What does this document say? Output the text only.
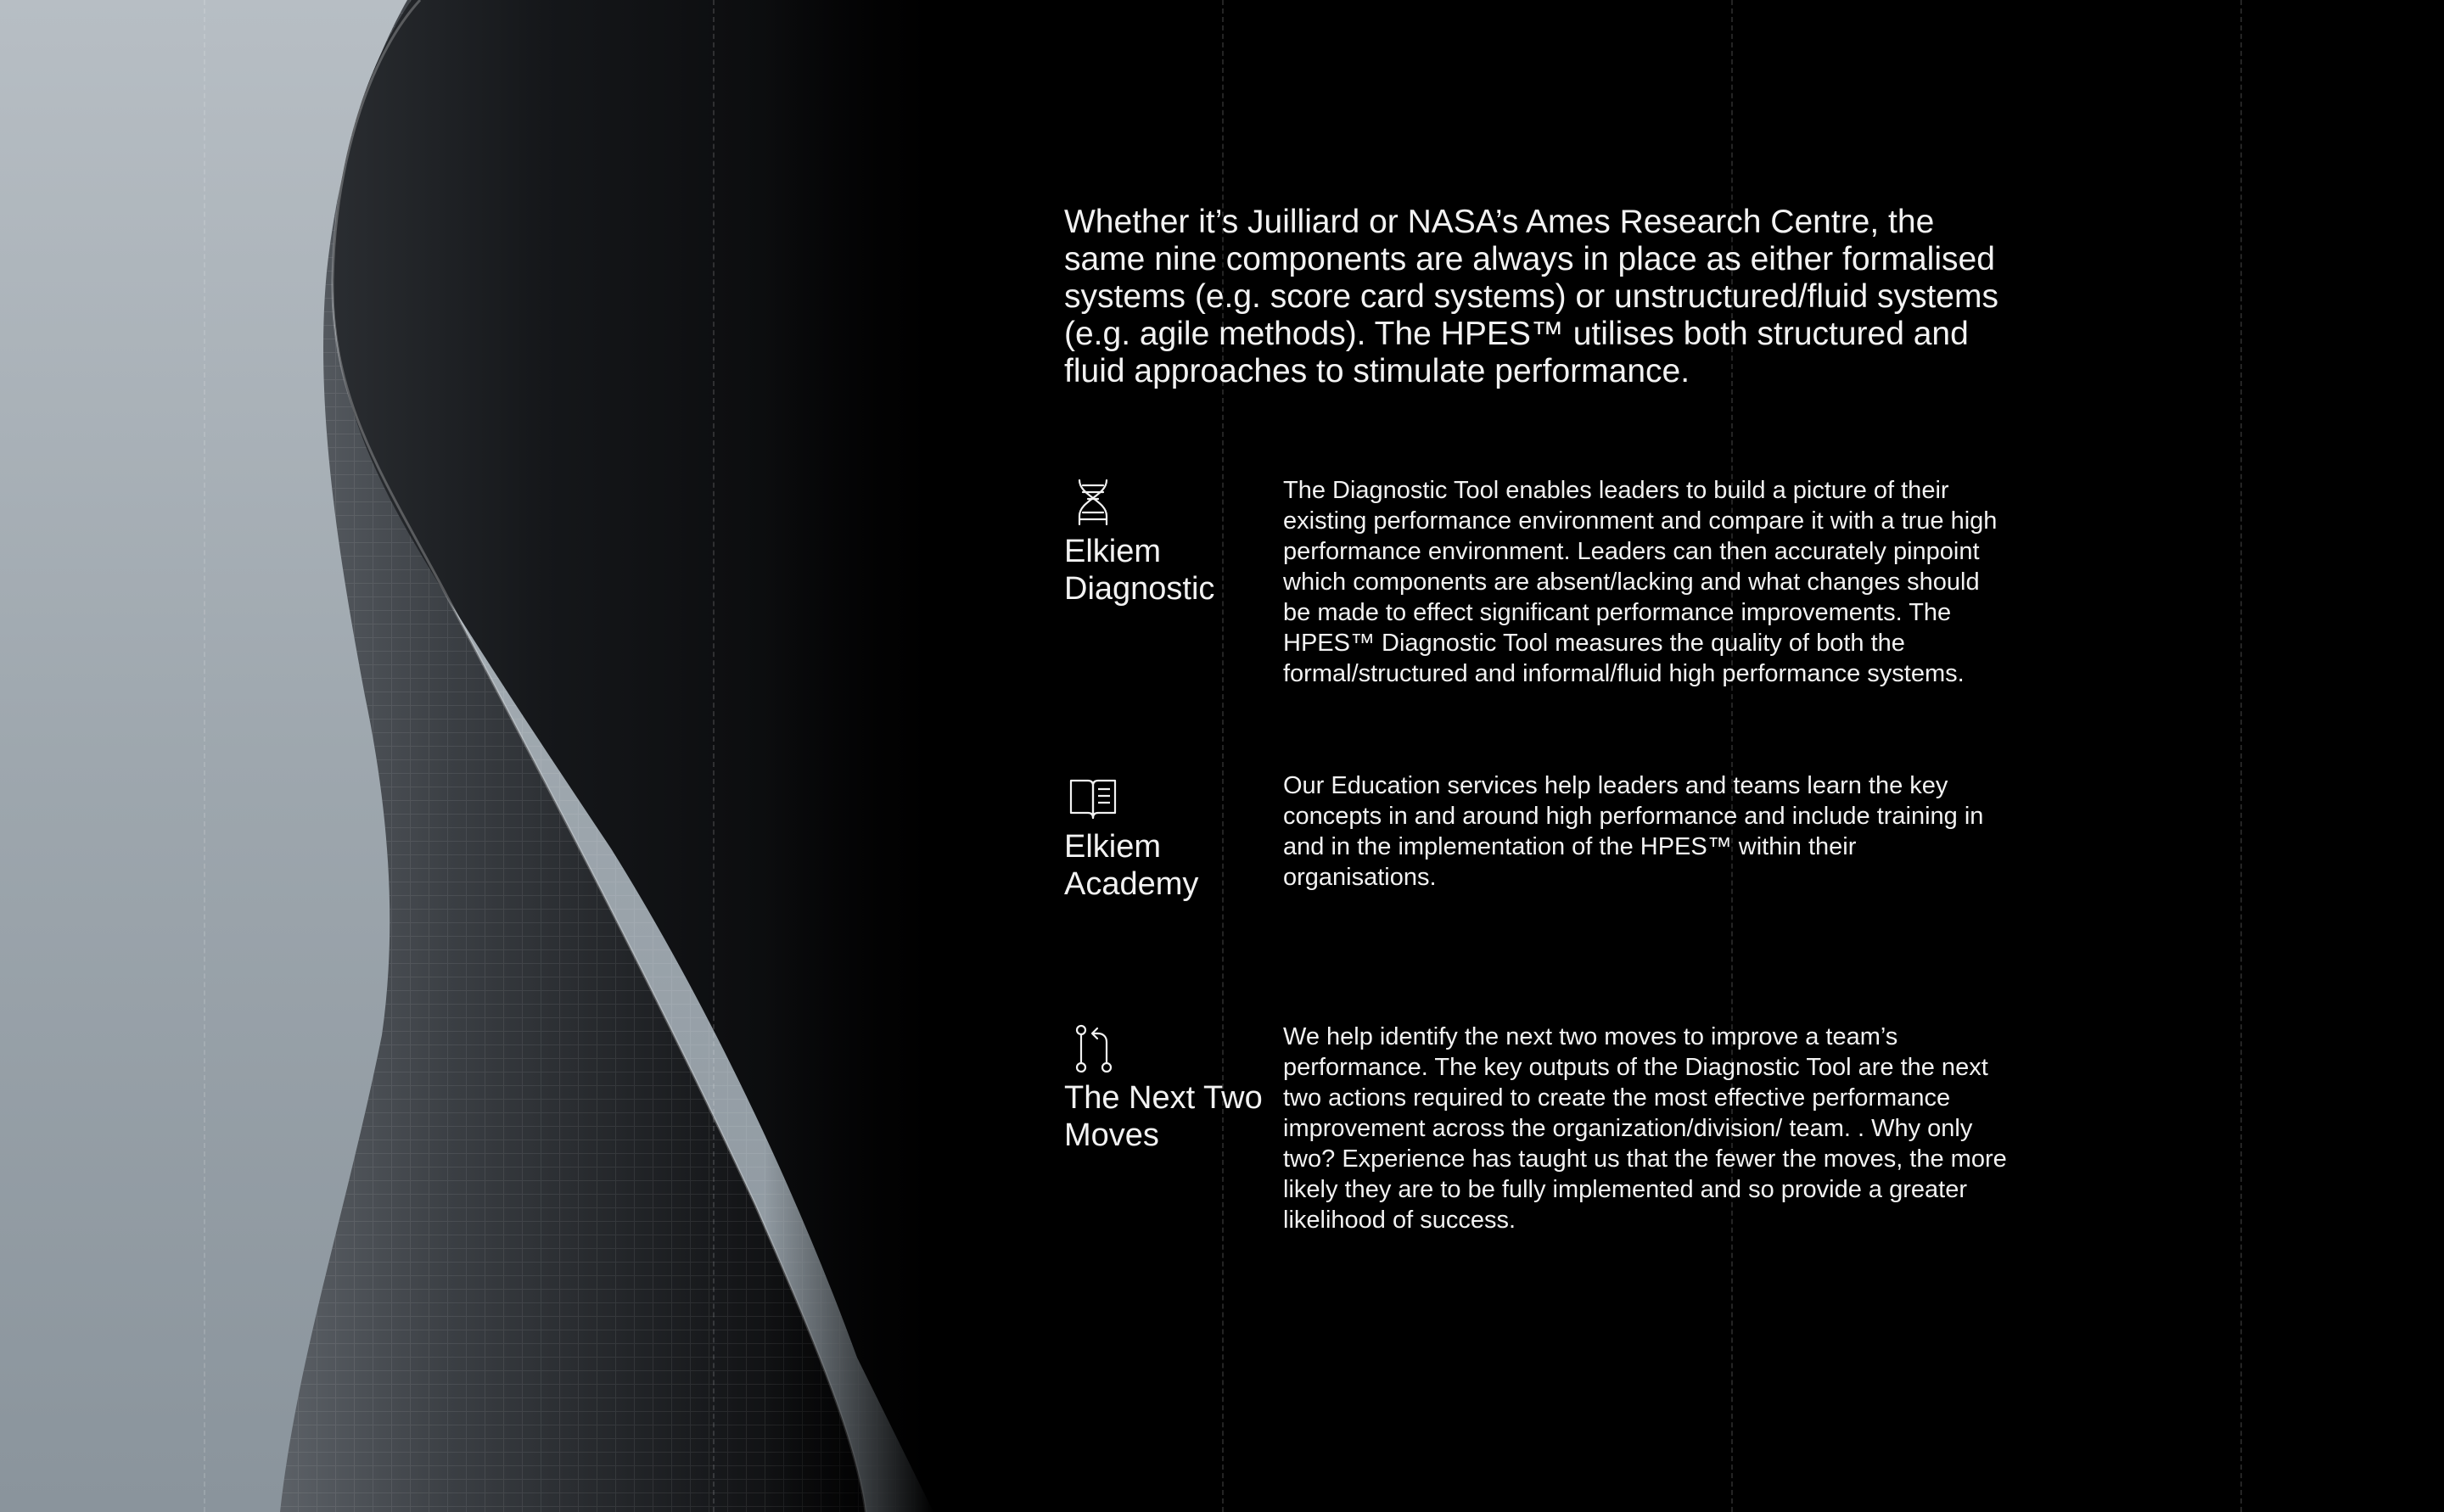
Whether it’s Juilliard or NASA’s Ames Research Centre, the same nine components are always in place as either formalised systems (e.g. score card systems) or unstructured/fluid systems (e.g. agile methods). The HPES™ utilises both structured and fluid approaches to stimulate performance.

Elkiem Diagnostic

The Diagnostic Tool enables leaders to build a picture of their existing performance environment and compare it with a true high performance environment. Leaders can then accurately pinpoint which components are absent/lacking and what changes should be made to effect significant performance improvements. The HPES™ Diagnostic Tool measures the quality of both the formal/structured and informal/fluid high performance systems.

Elkiem Academy

Our Education services help leaders and teams learn the key concepts in and around high performance and include training in and in the implementation of the HPES™ within their organisations.

The Next Two Moves

We help identify the next two moves to improve a team’s performance. The key outputs of the Diagnostic Tool are the next two actions required to create the most effective performance improvement across the organization/division/ team. . Why only two? Experience has taught us that the fewer the moves, the more likely they are to be fully implemented and so provide a greater likelihood of success.
